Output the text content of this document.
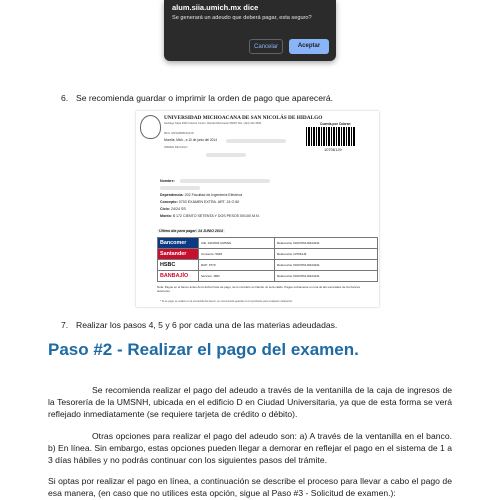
alum.siia.umich.mx dice
Se generará un adeudo que deberá pagar, esta seguro?
Cancelar	Aceptar
6. Se recomienda guardar o imprimir la orden de pago que aparecerá.
UNIVERSIDAD MICHOACANA DE SAN NICOLÁS DE HIDALGO
Santiago Tapia #403 Colonia Centro, Morelia Michoacán 58000 Tels. (443) 322-3500	Cuenta por Cobrar:
RFC UNS390813QU9
Morelia, Mich., a 10 de junio del 2014
ORDEN DE PAGO	107061J9
Nombre:
Dependencia: 202 Facultad de Ingeniería Eléctrica
Concepto: 0703 EXAMEN EXTRA. ART. 24 O 60
Ciclo: 24/24 SS
Monto: $ 172 CIENTO SETENTA Y DOS PESOS 00/100 M.N.
Último día para pagar: 14 JUNIO 2014
Bancomer	CIE: 1610503 UMSNH	Referencia: 00107061J9424231
Santander	Convenio: 5048	Referencia: 107061J9
HSBC	RAP: 9779	Referencia: 00107061J9424231
BANBAJÍO	Servicio: 1BM	Referencia: 00107061J9424231
Nota: Pague en el banco antes de la fecha límite de pago, de lo contrario su trámite no será valido. Pague únicamente en una de las sucursales de los bancos anteriores.
* Si se pago se realiza en la ventanilla del banco, se recomienda guardar el comprobante para cualquier aclaración.
7. Realizar los pasos 4, 5 y 6 por cada una de las materias adeudadas.
Paso #2 - Realizar el pago del examen.
Se recomienda realizar el pago del adeudo a través de la ventanilla de la caja de ingresos de la Tesorería de la UMSNH, ubicada en el edificio D en Ciudad Universitaria, ya que de esta forma se verá reflejado inmediatamente (se requiere tarjeta de crédito o débito).
Otras opciones para realizar el pago del adeudo son: a) A través de la ventanilla en el banco. b) En línea. Sin embargo, estas opciones pueden llegar a demorar en reflejar el pago en el sistema de 1 a 3 días hábiles y no podrás continuar con los siguientes pasos del trámite.
Si optas por realizar el pago en línea, a continuación se describe el proceso para llevar a cabo el pago de esa manera, (en caso que no utilices esta opción, sigue al Paso #3 - Solicitud de examen.):
